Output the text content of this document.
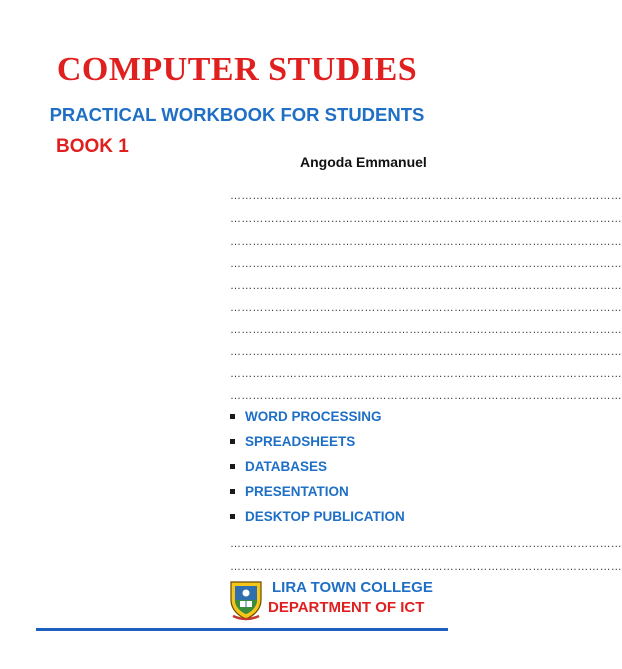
COMPUTER STUDIES
PRACTICAL WORKBOOK FOR STUDENTS
BOOK 1
Angoda Emmanuel
……………………………………………………………………………………………
……………………………………………………………………………………………
……………………………………………………………………………………………
……………………………………………………………………………………………
……………………………………………………………………………………………
……………………………………………………………………………………………
……………………………………………………………………………………………
……………………………………………………………………………………………
……………………………………………………………………………………………
……………………………………………………………………………………………
WORD PROCESSING
SPREADSHEETS
DATABASES
PRESENTATION
DESKTOP PUBLICATION
……………………………………………………………………………………………
……………………………………………………………………………………………
LIRA TOWN COLLEGE
DEPARTMENT OF ICT
